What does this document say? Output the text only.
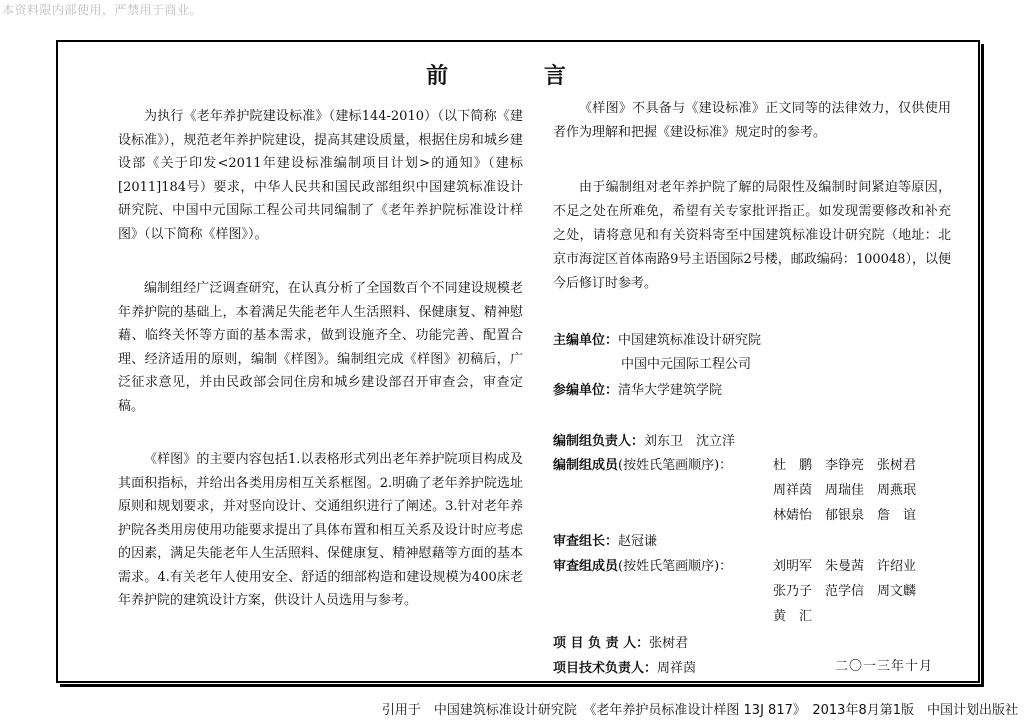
本资料限内部使用，严禁用于商业。
前 言

为执行《老年养护院建设标准》（建标144-2010）（以下简称《建设标准》），规范老年养护院建设，提高其建设质量，根据住房和城乡建设部《关于印发<2011年建设标准编制项目计划>的通知》（建标[2011]184号）要求，中华人民共和国民政部组织中国建筑标准设计研究院、中国中元国际工程公司共同编制了《老年养护院标准设计样图》（以下简称《样图》）。

编制组经广泛调查研究，在认真分析了全国数百个不同建设规模老年养护院的基础上，本着满足失能老年人生活照料、保健康复、精神慰藉、临终关怀等方面的基本需求，做到设施齐全、功能完善、配置合理、经济适用的原则，编制《样图》。编制组完成《样图》初稿后，广泛征求意见，并由民政部会同住房和城乡建设部召开审查会，审查定稿。

《样图》的主要内容包括1.以表格形式列出老年养护院项目构成及其面积指标，并给出各类用房相互关系框图。2.明确了老年养护院选址原则和规划要求，并对竖向设计、交通组织进行了阐述。3.针对老年养护院各类用房使用功能要求提出了具体布置和相互关系及设计时应考虑的因素，满足失能老年人生活照料、保健康复、精神慰藉等方面的基本需求。4.有关老年人使用安全、舒适的细部构造和建设规模为400床老年养护院的建筑设计方案，供设计人员选用与参考。

《样图》不具备与《建设标准》正文同等的法律效力，仅供使用者作为理解和把握《建设标准》规定时的参考。

由于编制组对老年养护院了解的局限性及编制时间紧迫等原因，不足之处在所难免，希望有关专家批评指正。如发现需要修改和补充之处，请将意见和有关资料寄至中国建筑标准设计研究院（地址：北京市海淀区首体南路9号主语国际2号楼，邮政编码：100048），以便今后修订时参考。

主编单位：中国建筑标准设计研究院
中国中元国际工程公司
参编单位：清华大学建筑学院
编制组负责人：刘东卫　沈立洋
编制组成员(按姓氏笔画顺序)：	杜　鹏　李铮亮　张树君
周祥茵　周瑞佳　周燕珉
林婧怡　郁银泉　詹　谊
审查组长：赵冠谦
审查组成员(按姓氏笔画顺序)：	刘明军　朱曼茜　许绍业
张乃子　范学信　周文麟
黄　汇
项 目 负 责 人：张树君
项目技术负责人：周祥茵	二〇一三年十月
引用于　中国建筑标准设计研究院　《老年养护员标准设计样图 13J 817》　2013年8月第1版　中国计划出版社
